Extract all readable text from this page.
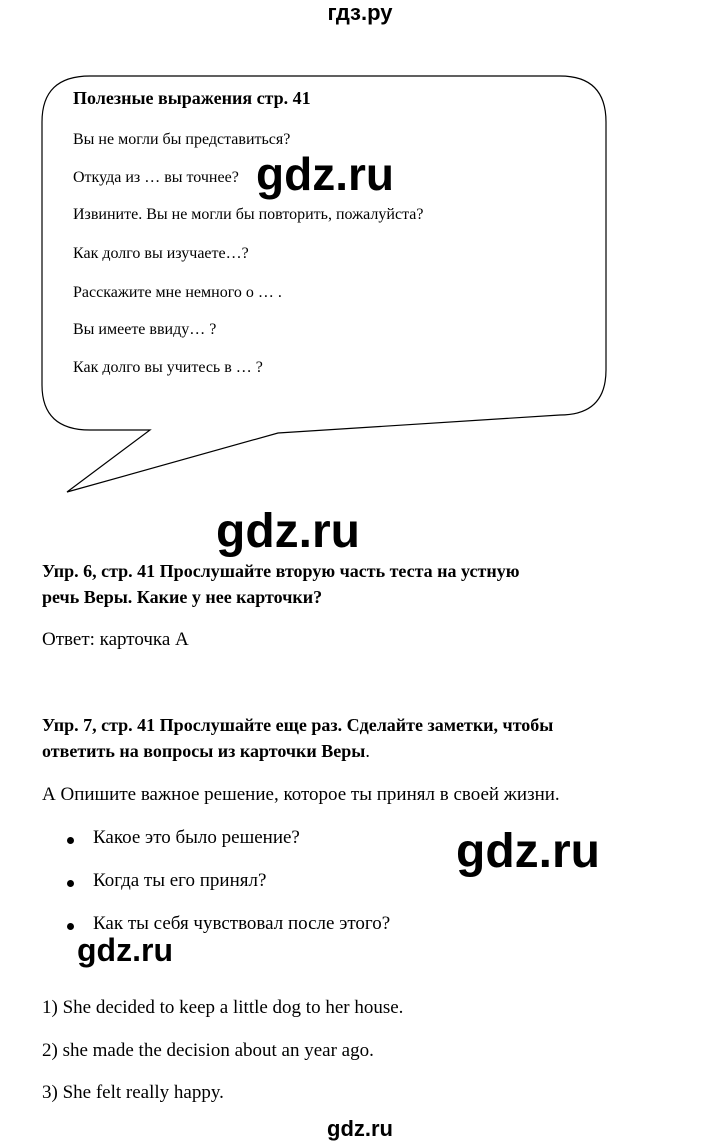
гдз.ру
Полезные выражения стр. 41
Вы не могли бы представиться?
Откуда из … вы точнее?
Извините. Вы не могли бы повторить, пожалуйста?
Как долго вы изучаете…?
Расскажите мне немного о … .
Вы имеете ввиду… ?
Как долго вы учитесь в … ?
gdz.ru
gdz.ru
gdz.ru
gdz.ru
Упр. 6, стр. 41 Прослушайте вторую часть теста на устную
речь Веры. Какие у нее карточки?
Ответ: карточка А
Упр. 7, стр. 41 Прослушайте еще раз. Сделайте заметки, чтобы
ответить на вопросы из карточки Веры.
А Опишите важное решение, которое ты принял в своей жизни.
Какое это было решение?
Когда ты его принял?
Как ты себя чувствовал после этого?
1) She decided to keep a little dog to her house.
2) she made the decision about an year ago.
3) She felt really happy.
gdz.ru
